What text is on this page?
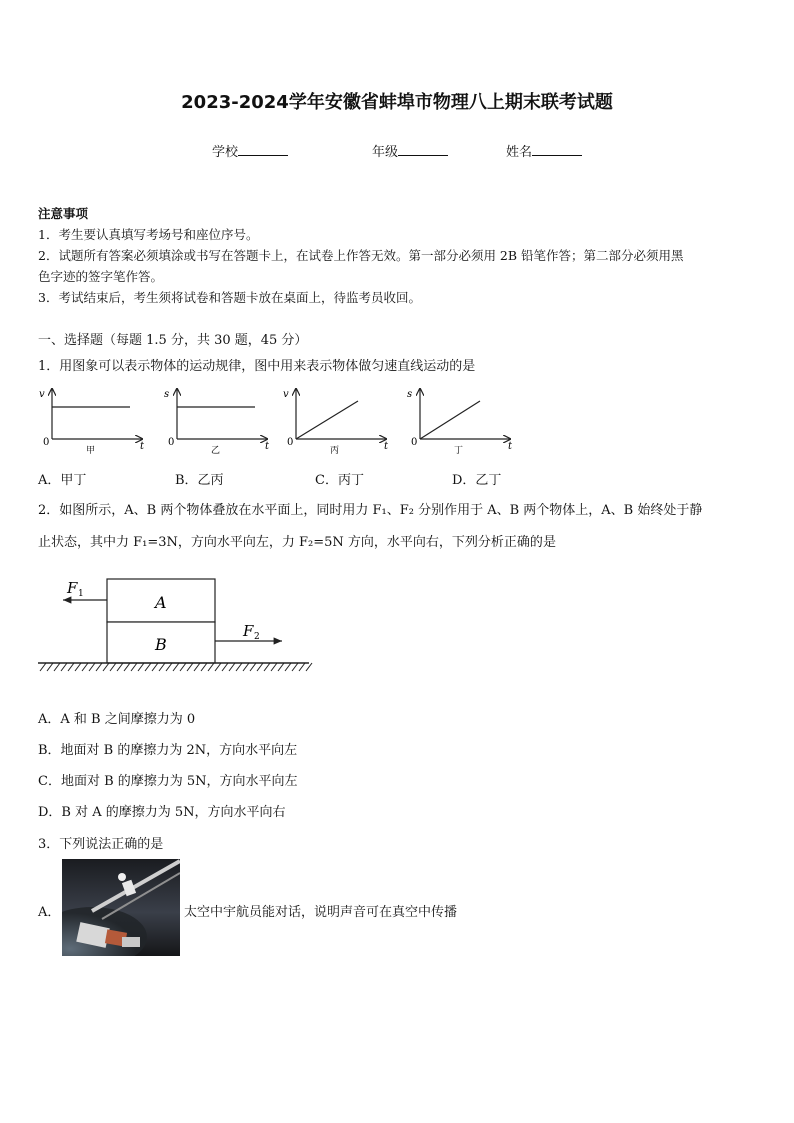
2023-2024学年安徽省蚌埠市物理八上期末联考试题
学校	年级	姓名
注意事项
1．考生要认真填写考场号和座位序号。
2．试题所有答案必须填涂或书写在答题卡上，在试卷上作答无效。第一部分必须用 2B 铅笔作答；第二部分必须用黑
色字迹的签字笔作答。
3．考试结束后，考生须将试卷和答题卡放在桌面上，待监考员收回。
一、选择题（每题 1.5 分，共 30 题，45 分）
1．用图象可以表示物体的运动规律，图中用来表示物体做匀速直线运动的是
v
t
0
甲
s
t
0
乙
v
t
0
丙
s
t
0
丁
A．甲丁	B．乙丙	C．丙丁	D．乙丁
2．如图所示，A、B 两个物体叠放在水平面上，同时用力 F₁、F₂ 分别作用于 A、B 两个物体上，A、B 始终处于静
止状态，其中力 F₁=3N，方向水平向左，力 F₂=5N 方向，水平向右，下列分析正确的是
A
B
F 1
F 2
A．A 和 B 之间摩擦力为 0
B．地面对 B 的摩擦力为 2N，方向水平向左
C．地面对 B 的摩擦力为 5N，方向水平向左
D．B 对 A 的摩擦力为 5N，方向水平向右
3．下列说法正确的是
A．	太空中宇航员能对话，说明声音可在真空中传播
